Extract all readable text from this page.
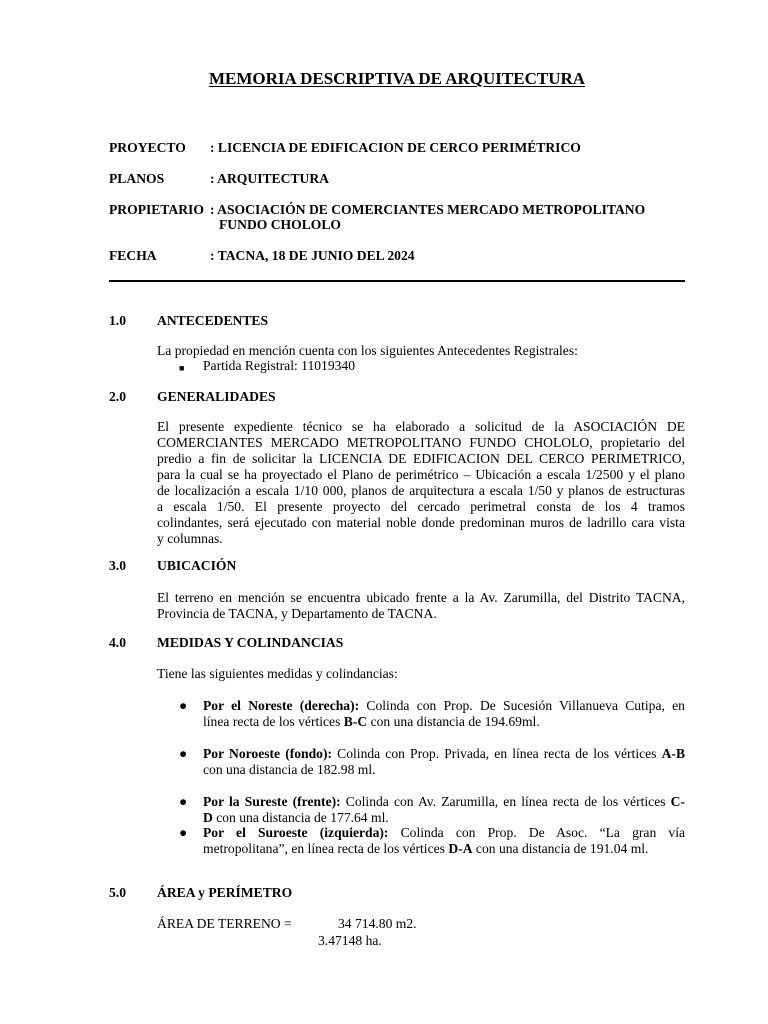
MEMORIA DESCRIPTIVA DE ARQUITECTURA
PROYECTO : LICENCIA DE EDIFICACION DE CERCO PERIMÉTRICO
PLANOS	: ARQUITECTURA
PROPIETARIO : ASOCIACIÓN DE COMERCIANTES MERCADO METROPOLITANO
FUNDO CHOLOLO
FECHA	: TACNA, 18 DE JUNIO DEL 2024
1.0 ANTECEDENTES
La propiedad en mención cuenta con los siguientes Antecedentes Registrales:
■ Partida Registral: 11019340
2.0 GENERALIDADES

El presente expediente técnico se ha elaborado a solicitud de la ASOCIACIÓN DE

COMERCIANTES MERCADO METROPOLITANO FUNDO CHOLOLO, propietario del

predio a fin de solicitar la LICENCIA DE EDIFICACION DEL CERCO PERIMETRICO,

para la cual se ha proyectado el Plano de perimétrico – Ubicación a escala 1/2500 y el plano

de localización a escala 1/10 000, planos de arquitectura a escala 1/50 y planos de estructuras

a escala 1/50. El presente proyecto del cercado perimetral consta de los 4 tramos

colindantes, será ejecutado con material noble donde predominan muros de ladrillo cara vista

y columnas.

3.0 UBICACIÓN

El terreno en mención se encuentra ubicado frente a la Av. Zarumilla, del Distrito TACNA,

Provincia de TACNA, y Departamento de TACNA.

4.0 MEDIDAS Y COLINDANCIAS
Tiene las siguientes medidas y colindancias:
● Por el Noreste (derecha): Colinda con Prop. De Sucesión Villanueva Cutipa, en

línea recta de los vértices B-C con una distancia de 194.69ml.

● Por Noroeste (fondo): Colinda con Prop. Privada, en línea recta de los vértices A-B

con una distancia de 182.98 ml.

● Por la Sureste (frente): Colinda con Av. Zarumilla, en línea recta de los vértices C-

D con una distancia de 177.64 ml.

● Por el Suroeste (izquierda): Colinda con Prop. De Asoc. “La gran vía

metropolitana”, en línea recta de los vértices D-A con una distancia de 191.04 ml.

5.0 ÁREA y PERÍMETRO
ÁREA DE TERRENO =	34 714.80 m2.
3.47148 ha.
